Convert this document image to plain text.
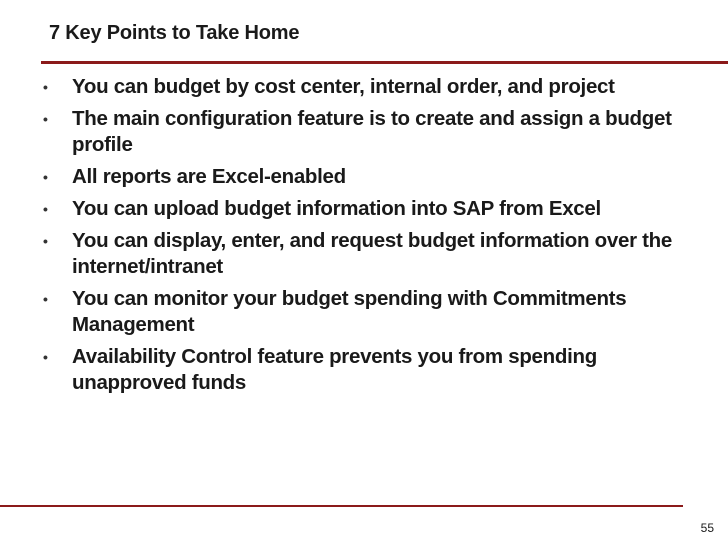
7 Key Points to Take Home
• You can budget by cost center, internal order, and project
• The main configuration feature is to create and assign a budget profile
• All reports are Excel-enabled
• You can upload budget information into SAP from Excel
• You can display, enter, and request budget information over the internet/intranet
• You can monitor your budget spending with Commitments Management
• Availability Control feature prevents you from spending unapproved funds
55
